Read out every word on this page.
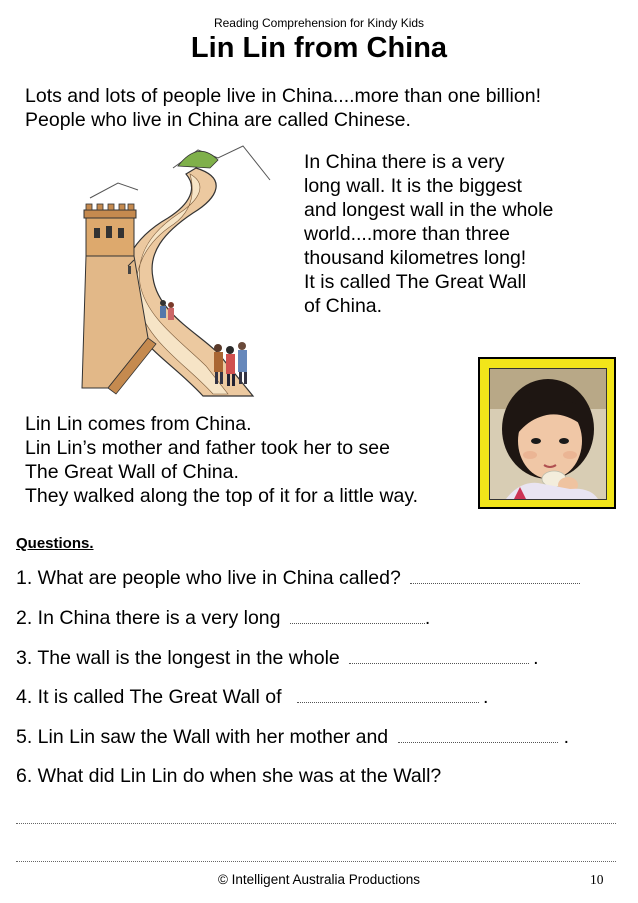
Reading Comprehension for Kindy Kids
Lin Lin from China
Lots and lots of people live in China....more than one billion!
People who live in China are called Chinese.
In China there is a very
long wall. It is the biggest
and longest wall in the whole
world....more than three
thousand kilometres long!
It is called The Great Wall
of China.
Lin Lin comes from China.
Lin Lin’s mother and father took her to see
The Great Wall of China.
They walked along the top of it for a little way.
Questions.
1. What are people who live in China called?
2. In China there is a very long	.
3. The wall is the longest in the whole	.
4. It is called The Great Wall of	.
5. Lin Lin saw the Wall with her mother and	.
6. What did Lin Lin do when she was at the Wall?
© Intelligent Australia Productions	10
